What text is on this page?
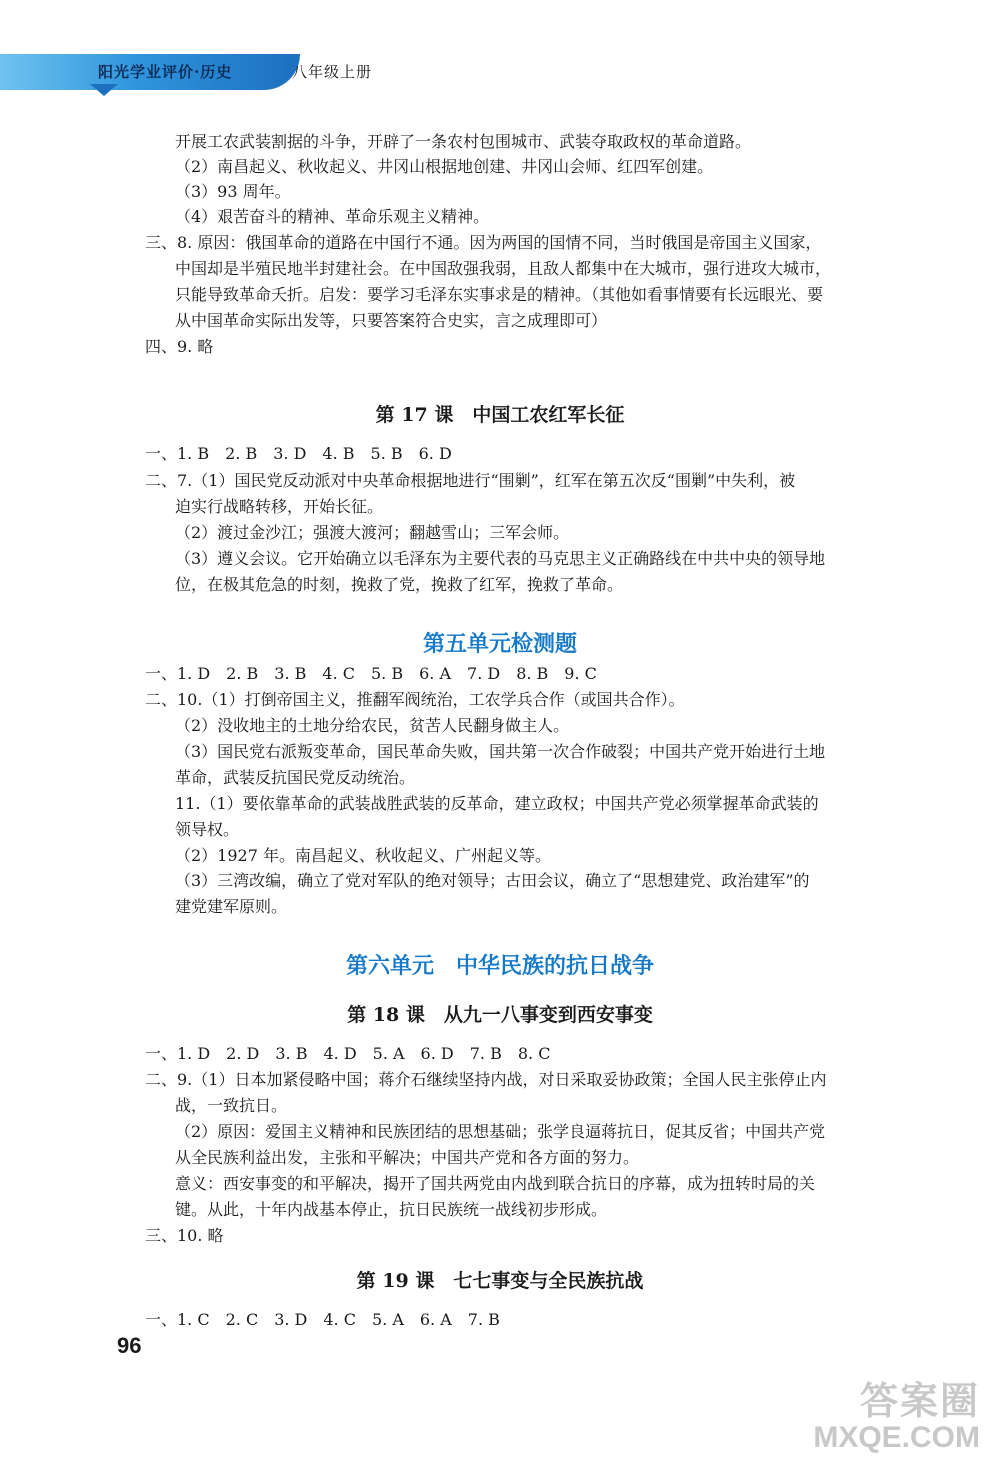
阳光学业评价·历史	八年级上册
开展工农武装割据的斗争，开辟了一条农村包围城市、武装夺取政权的革命道路。
（2）南昌起义、秋收起义、井冈山根据地创建、井冈山会师、红四军创建。
（3）93 周年。
（4）艰苦奋斗的精神、革命乐观主义精神。
三、8. 原因：俄国革命的道路在中国行不通。因为两国的国情不同，当时俄国是帝国主义国家，
中国却是半殖民地半封建社会。在中国敌强我弱，且敌人都集中在大城市，强行进攻大城市，
只能导致革命夭折。启发：要学习毛泽东实事求是的精神。（其他如看事情要有长远眼光、要
从中国革命实际出发等，只要答案符合史实，言之成理即可）
四、9. 略
第 17 课　中国工农红军长征
一、1. B　2. B　3. D　4. B　5. B　6. D
二、7.（1）国民党反动派对中央革命根据地进行“围剿”，红军在第五次反“围剿”中失利，被
迫实行战略转移，开始长征。
（2）渡过金沙江；强渡大渡河；翻越雪山；三军会师。
（3）遵义会议。它开始确立以毛泽东为主要代表的马克思主义正确路线在中共中央的领导地
位，在极其危急的时刻，挽救了党，挽救了红军，挽救了革命。
第五单元检测题
一、1. D　2. B　3. B　4. C　5. B　6. A　7. D　8. B　9. C
二、10.（1）打倒帝国主义，推翻军阀统治，工农学兵合作（或国共合作）。
（2）没收地主的土地分给农民，贫苦人民翻身做主人。
（3）国民党右派叛变革命，国民革命失败，国共第一次合作破裂；中国共产党开始进行土地
革命，武装反抗国民党反动统治。
11.（1）要依靠革命的武装战胜武装的反革命，建立政权；中国共产党必须掌握革命武装的
领导权。
（2）1927 年。南昌起义、秋收起义、广州起义等。
（3）三湾改编，确立了党对军队的绝对领导；古田会议，确立了“思想建党、政治建军”的
建党建军原则。
第六单元　中华民族的抗日战争
第 18 课　从九一八事变到西安事变
一、1. D　2. D　3. B　4. D　5. A　6. D　7. B　8. C
二、9.（1）日本加紧侵略中国；蒋介石继续坚持内战，对日采取妥协政策；全国人民主张停止内
战，一致抗日。
（2）原因：爱国主义精神和民族团结的思想基础；张学良逼蒋抗日，促其反省；中国共产党
从全民族利益出发，主张和平解决；中国共产党和各方面的努力。
意义：西安事变的和平解决，揭开了国共两党由内战到联合抗日的序幕，成为扭转时局的关
键。从此，十年内战基本停止，抗日民族统一战线初步形成。
三、10. 略
第 19 课　七七事变与全民族抗战
一、1. C　2. C　3. D　4. C　5. A　6. A　7. B
96
答案圈
MXQE.COM
